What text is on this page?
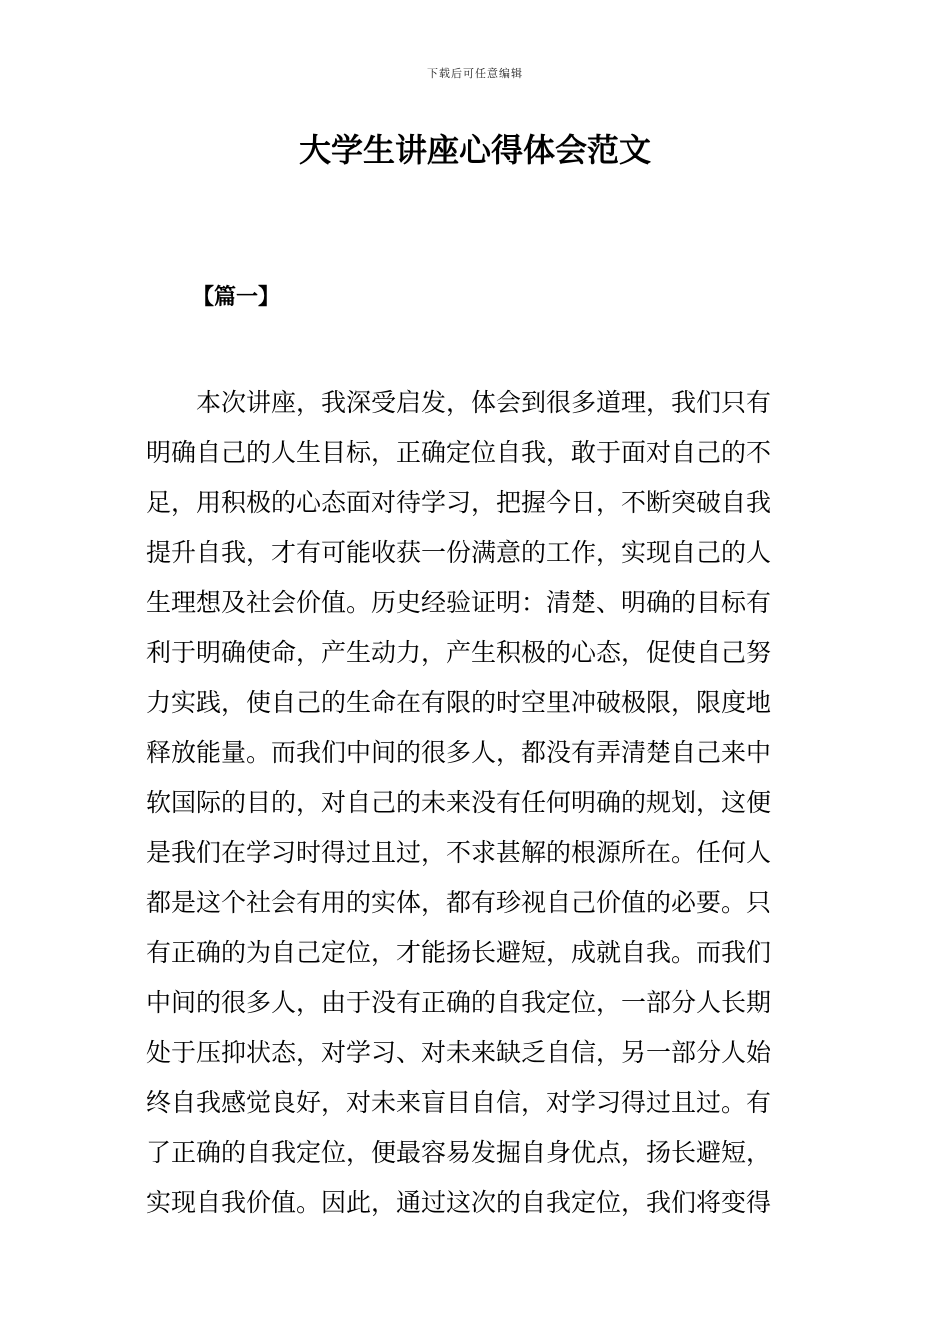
下载后可任意编辑
大学生讲座心得体会范文
【篇一】
　　本次讲座，我深受启发，体会到很多道理，我们只有
明确自己的人生目标，正确定位自我，敢于面对自己的不
足，用积极的心态面对待学习，把握今日，不断突破自我
提升自我，才有可能收获一份满意的工作，实现自己的人
生理想及社会价值。历史经验证明：清楚、明确的目标有
利于明确使命，产生动力，产生积极的心态，促使自己努
力实践，使自己的生命在有限的时空里冲破极限，限度地
释放能量。而我们中间的很多人，都没有弄清楚自己来中
软国际的目的，对自己的未来没有任何明确的规划，这便
是我们在学习时得过且过，不求甚解的根源所在。任何人
都是这个社会有用的实体，都有珍视自己价值的必要。只
有正确的为自己定位，才能扬长避短，成就自我。而我们
中间的很多人，由于没有正确的自我定位，一部分人长期
处于压抑状态，对学习、对未来缺乏自信，另一部分人始
终自我感觉良好，对未来盲目自信，对学习得过且过。有
了正确的自我定位，便最容易发掘自身优点，扬长避短，
实现自我价值。因此，通过这次的自我定位，我们将变得
